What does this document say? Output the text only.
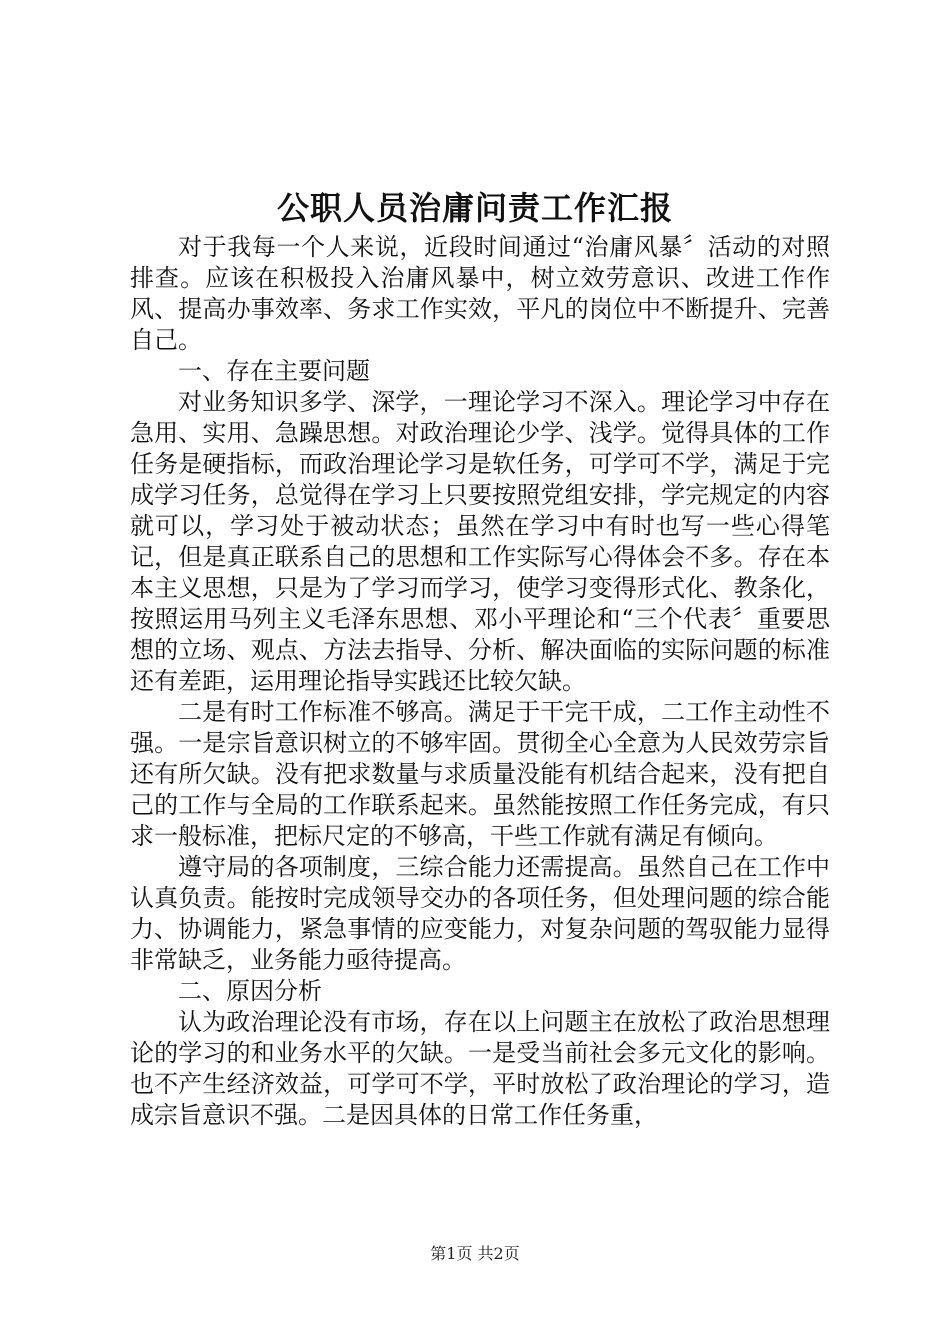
公职人员治庸问责工作汇报

对于我每一个人来说，近段时间通过“治庸风暴〞活动的对照排查。应该在积极投入治庸风暴中，树立效劳意识、改进工作作风、提高办事效率、务求工作实效，平凡的岗位中不断提升、完善自己。

一、存在主要问题

对业务知识多学、深学，一理论学习不深入。理论学习中存在急用、实用、急躁思想。对政治理论少学、浅学。觉得具体的工作任务是硬指标，而政治理论学习是软任务，可学可不学，满足于完成学习任务，总觉得在学习上只要按照党组安排，学完规定的内容就可以，学习处于被动状态；虽然在学习中有时也写一些心得笔记，但是真正联系自己的思想和工作实际写心得体会不多。存在本本主义思想，只是为了学习而学习，使学习变得形式化、教条化，按照运用马列主义毛泽东思想、邓小平理论和“三个代表〞重要思想的立场、观点、方法去指导、分析、解决面临的实际问题的标准还有差距，运用理论指导实践还比较欠缺。

二是有时工作标准不够高。满足于干完干成，二工作主动性不强。一是宗旨意识树立的不够牢固。贯彻全心全意为人民效劳宗旨还有所欠缺。没有把求数量与求质量没能有机结合起来，没有把自己的工作与全局的工作联系起来。虽然能按照工作任务完成，有只求一般标准，把标尺定的不够高，干些工作就有满足有倾向。

遵守局的各项制度，三综合能力还需提高。虽然自己在工作中认真负责。能按时完成领导交办的各项任务，但处理问题的综合能力、协调能力，紧急事情的应变能力，对复杂问题的驾驭能力显得非常缺乏，业务能力亟待提高。

二、原因分析

认为政治理论没有市场，存在以上问题主在放松了政治思想理论的学习的和业务水平的欠缺。一是受当前社会多元文化的影响。也不产生经济效益，可学可不学，平时放松了政治理论的学习，造成宗旨意识不强。二是因具体的日常工作任务重，

第1页 共2页
